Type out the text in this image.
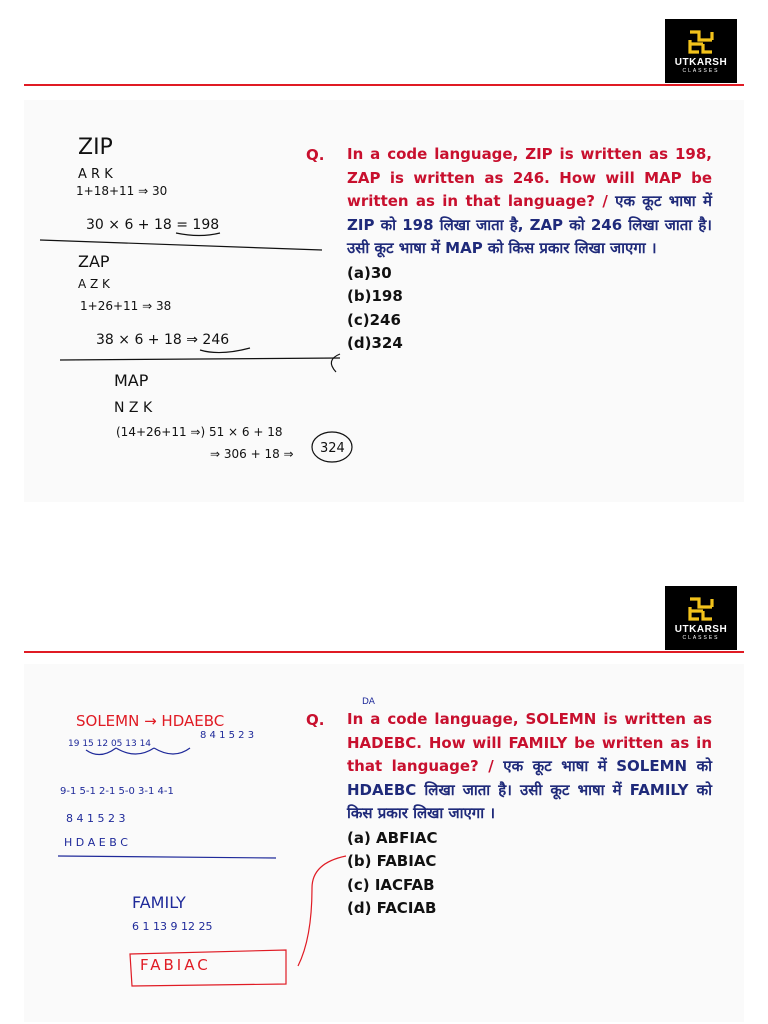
UTKARSH
CLASSES
Q. In a code language, ZIP is written as 198, ZAP is written as 246. How will MAP be written as in that language? / एक कूट भाषा में ZIP को 198 लिखा जाता है, ZAP को 246 लिखा जाता है। उसी कूट भाषा में MAP को किस प्रकार लिखा जाएगा ।
(a)30
(b)198
(c)246
(d)324
ZIP
A R K
1+18+11 ⇒ 30
30 × 6 + 18 = 198
ZAP
A Z K
1+26+11 ⇒ 38
38 × 6 + 18 ⇒ 246
MAP
N Z K
(14+26+11 ⇒) 51 × 6 + 18
⇒ 306 + 18 ⇒ 324
UTKARSH
CLASSES
Q. In a code language, SOLEMN is written as HADEBC. How will FAMILY be written as in that language? / एक कूट भाषा में SOLEMN को HDAEBC लिखा जाता है। उसी कूट भाषा में FAMILY को किस प्रकार लिखा जाएगा ।
(a) ABFIAC
(b) FABIAC
(c) IACFAB
(d) FACIAB
SOLEMN → HDAEBC
19 15 12 05 13 14
8 4 1 5 2 3
9-1 5-1 2-1 5-0 3-1 4-1
8 4 1 5 2 3
H D A E B C
DA
FAMILY
6 1 13 9 12 25
FABIAC
